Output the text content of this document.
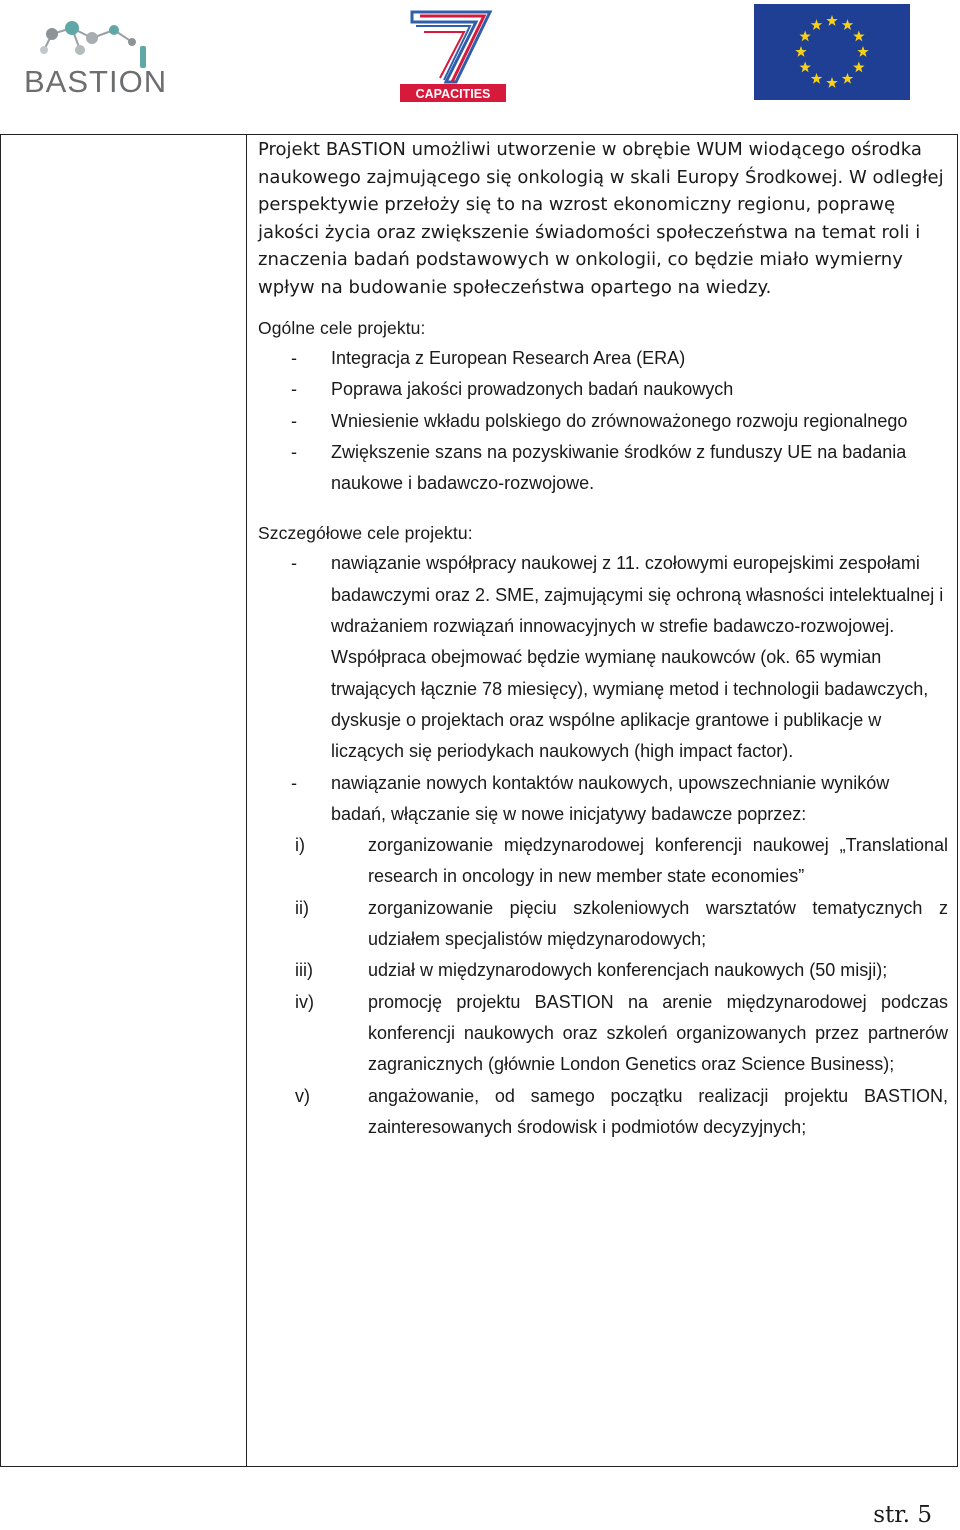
BASTION	CAPACITIES

Projekt BASTION umożliwi utworzenie w obrębie WUM wiodącego ośrodka naukowego zajmującego się onkologią w skali Europy Środkowej. W odległej perspektywie przełoży się to na wzrost ekonomiczny regionu, poprawę jakości życia oraz zwiększenie świadomości społeczeństwa na temat roli i znaczenia badań podstawowych w onkologii, co będzie miało wymierny wpływ na budowanie społeczeństwa opartego na wiedzy.

Ogólne cele projektu:
- Integracja z European Research Area (ERA)
- Poprawa jakości prowadzonych badań naukowych
- Wniesienie wkładu polskiego do zrównoważonego rozwoju regionalnego
- Zwiększenie szans na pozyskiwanie środków z funduszy UE na badania naukowe i badawczo-rozwojowe.
Szczegółowe cele projektu:
- nawiązanie współpracy naukowej z 11. czołowymi europejskimi zespołami badawczymi oraz 2. SME, zajmującymi się ochroną własności intelektualnej i wdrażaniem rozwiązań innowacyjnych w strefie badawczo-rozwojowej. Współpraca obejmować będzie wymianę naukowców (ok. 65 wymian trwających łącznie 78 miesięcy), wymianę metod i technologii badawczych, dyskusje o projektach oraz wspólne aplikacje grantowe i publikacje w liczących się periodykach naukowych (high impact factor).
- nawiązanie nowych kontaktów naukowych, upowszechnianie wyników badań, włączanie się w nowe inicjatywy badawcze poprzez:
i)	zorganizowanie międzynarodowej konferencji naukowej „Translational research in oncology in new member state economies”
ii)	zorganizowanie pięciu szkoleniowych warsztatów tematycznych z udziałem specjalistów międzynarodowych;
iii)	udział w międzynarodowych konferencjach naukowych (50 misji);
iv)	promocję projektu BASTION na arenie międzynarodowej podczas konferencji naukowych oraz szkoleń organizowanych przez partnerów zagranicznych (głównie London Genetics oraz Science Business);
v)	angażowanie, od samego początku realizacji projektu BASTION, zainteresowanych środowisk i podmiotów decyzyjnych;
str. 5
